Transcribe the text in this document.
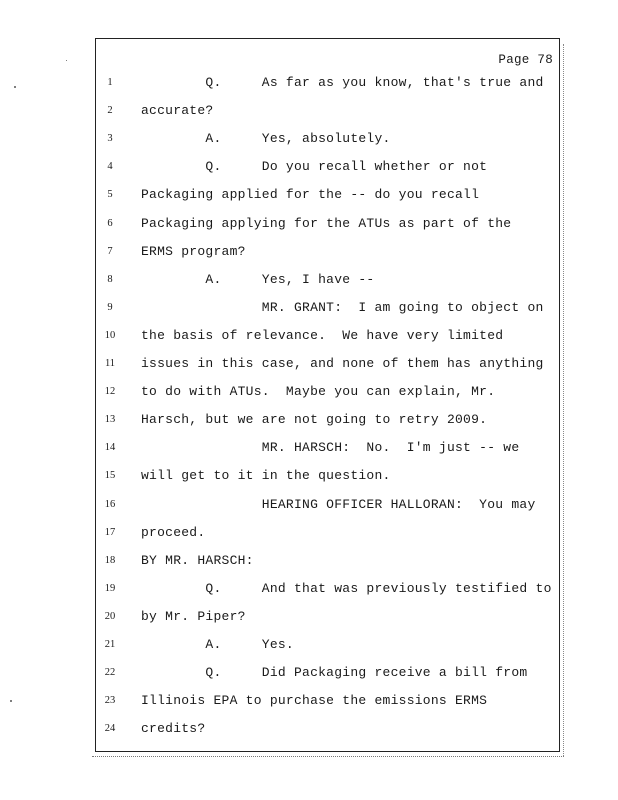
Page 78
1	Q.     As far as you know, that's true and
2	accurate?
3	A.     Yes, absolutely.
4	Q.     Do you recall whether or not
5	Packaging applied for the -- do you recall
6	Packaging applying for the ATUs as part of the
7	ERMS program?
8	A.     Yes, I have --
9	MR. GRANT:  I am going to object on
10	the basis of relevance.  We have very limited
11	issues in this case, and none of them has anything
12	to do with ATUs.  Maybe you can explain, Mr.
13	Harsch, but we are not going to retry 2009.
14	MR. HARSCH:  No.  I'm just -- we
15	will get to it in the question.
16	HEARING OFFICER HALLORAN:  You may
17	proceed.
18	BY MR. HARSCH:
19	Q.     And that was previously testified to
20	by Mr. Piper?
21	A.     Yes.
22	Q.     Did Packaging receive a bill from
23	Illinois EPA to purchase the emissions ERMS
24	credits?
